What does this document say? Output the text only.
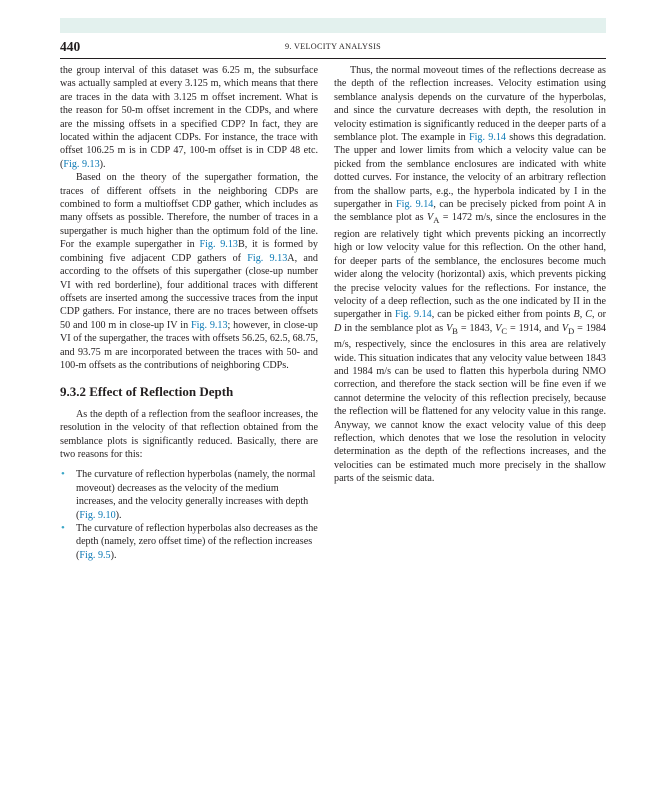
440	9. VELOCITY ANALYSIS

the group interval of this dataset was 6.25 m, the subsurface was actually sampled at every 3.125 m, which means that there are traces in the data with 3.125 m offset increment. What is the reason for 50-m offset increment in the CDPs, and where are the missing offsets in a specified CDP? In fact, they are located within the adjacent CDPs. For instance, the trace with offset 106.25 m is in CDP 47, 100-m offset is in CDP 48 etc. (Fig. 9.13).

Based on the theory of the supergather formation, the traces of different offsets in the neighboring CDPs are combined to form a multioffset CDP gather, which includes as many offsets as possible. Therefore, the number of traces in a supergather is much higher than the optimum fold of the line. For the example supergather in Fig. 9.13B, it is formed by combining five adjacent CDP gathers of Fig. 9.13A, and according to the offsets of this supergather (close-up number VI with red borderline), four additional traces with different offsets are inserted among the successive traces from the input CDP gathers. For instance, there are no traces between offsets 50 and 100 m in close-up IV in Fig. 9.13; however, in close-up VI of the supergather, the traces with offsets 56.25, 62.5, 68.75, and 93.75 m are incorporated between the traces with 50- and 100-m offsets as the contributions of neighboring CDPs.

9.3.2 Effect of Reflection Depth

As the depth of a reflection from the seafloor increases, the resolution in the velocity of that reflection obtained from the semblance plots is significantly reduced. Basically, there are two reasons for this:

• The curvature of reflection hyperbolas (namely, the normal moveout) decreases as the velocity of the medium increases, and the velocity generally increases with depth (Fig. 9.10).
• The curvature of reflection hyperbolas also decreases as the depth (namely, zero offset time) of the reflection increases (Fig. 9.5).

Thus, the normal moveout times of the reflections decrease as the depth of the reflection increases. Velocity estimation using semblance analysis depends on the curvature of the hyperbolas, and since the curvature decreases with depth, the resolution in velocity estimation is significantly reduced in the deeper parts of a semblance plot. The example in Fig. 9.14 shows this degradation. The upper and lower limits from which a velocity value can be picked from the semblance enclosures are indicated with white dotted curves. For instance, the velocity of an arbitrary reflection from the shallow parts, e.g., the hyperbola indicated by I in the supergather in Fig. 9.14, can be precisely picked from point A in the semblance plot as $V_A = 1472$ m/s, since the enclosures in the region are relatively tight which prevents picking an incorrectly high or low velocity value for this reflection. On the other hand, for deeper parts of the semblance, the enclosures become much wider along the velocity (horizontal) axis, which prevents picking the precise velocity values for the reflections. For instance, the velocity of a deep reflection, such as the one indicated by II in the supergather in Fig. 9.14, can be picked either from points B, C, or D in the semblance plot as $V_B = 1843$, $V_C = 1914$, and $V_D = 1984$ m/s, respectively, since the enclosures in this area are relatively wide. This situation indicates that any velocity value between 1843 and 1984 m/s can be used to flatten this hyperbola during NMO correction, and therefore the stack section will be fine even if we cannot determine the velocity of this reflection precisely, because the reflection will be flattened for any velocity value in this range. Anyway, we cannot know the exact velocity value of this deep reflection, which denotes that we lose the resolution in velocity determination as the depth of the reflections increases, and the velocities can be estimated much more precisely in the shallow parts of the seismic data.
